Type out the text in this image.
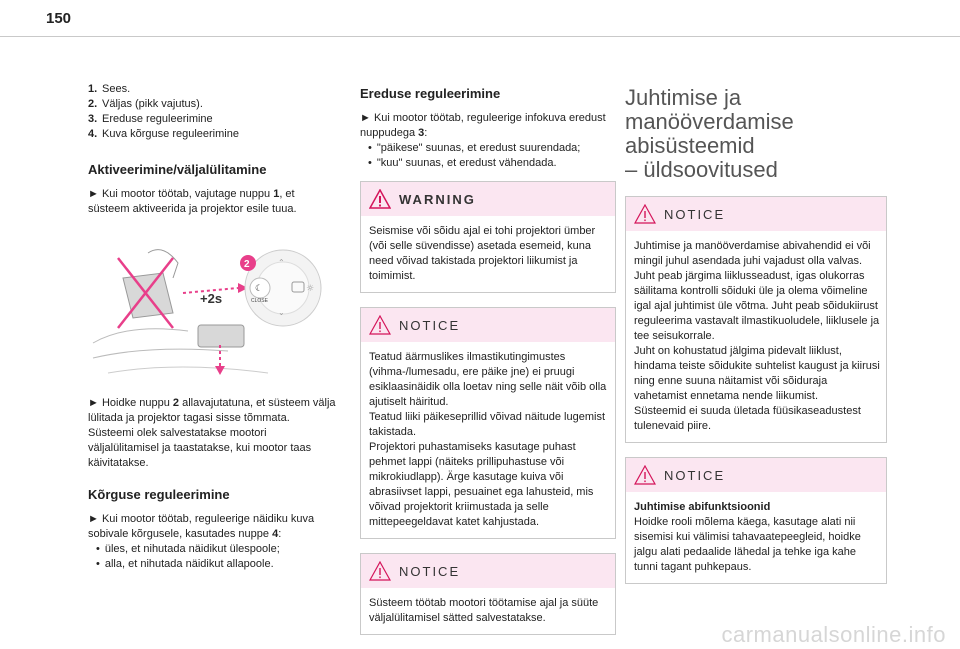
150
1. Sees.
2. Väljas (pikk vajutus).
3. Ereduse reguleerimine
4. Kuva kõrguse reguleerimine
Aktiveerimine/väljalülitamine

► Kui mootor töötab, vajutage nuppu 1, et süsteem aktiveerida ja projektor esile tuua.

+2s
☾
CLOSE
☼
⌃
⌄
2

► Hoidke nuppu 2 allavajutatuna, et süsteem välja lülitada ja projektor tagasi sisse tõmmata. Süsteemi olek salvestatakse mootori väljalülitamisel ja taastatakse, kui mootor taas käivitatakse.

Kõrguse reguleerimine

► Kui mootor töötab, reguleerige näidiku kuva sobivale kõrgusele, kasutades nuppe 4:

• üles, et nihutada näidikut ülespoole;
• alla, et nihutada näidikut allapoole.
Ereduse reguleerimine

► Kui mootor töötab, reguleerige infokuva eredust nuppudega 3:

• "päikese" suunas, et eredust suurendada;
• "kuu" suunas, et eredust vähendada.
WARNING
Seismise või sõidu ajal ei tohi projektori ümber (või selle süvendisse) asetada esemeid, kuna need võivad takistada projektori liikumist ja toimimist.
NOTICE
Teatud äärmuslikes ilmastikutingimustes (vihma-/lumesadu, ere päike jne) ei pruugi esiklaasinäidik olla loetav ning selle näit võib olla ajutiselt häiritud.
Teatud liiki päikeseprillid võivad näitude lugemist takistada.
Projektori puhastamiseks kasutage puhast pehmet lappi (näiteks prillipuhastuse või mikrokiudlapp). Ärge kasutage kuiva või abrasiivset lappi, pesuainet ega lahusteid, mis võivad projektorit kriimustada ja selle mittepeegeldavat katet kahjustada.
NOTICE
Süsteem töötab mootori töötamise ajal ja süüte väljalülitamisel sätted salvestatakse.
Juhtimise ja manööverdamise abisüsteemid
– üldsoovitused
NOTICE
Juhtimise ja manööverdamise abivahendid ei või mingil juhul asendada juhi vajadust olla valvas.
Juht peab järgima liiklusseadust, igas olukorras säilitama kontrolli sõiduki üle ja olema võimeline igal ajal juhtimist üle võtma. Juht peab sõidukiirust reguleerima vastavalt ilmastikuoludele, liiklusele ja tee seisukorrale.
Juht on kohustatud jälgima pidevalt liiklust, hindama teiste sõidukite suhtelist kaugust ja kiirusi ning enne suuna näitamist või sõiduraja vahetamist ennetama nende liikumist.
Süsteemid ei suuda ületada füüsikaseadustest tulenevaid piire.
NOTICE
Juhtimise abifunktsioonid
Hoidke rooli mõlema käega, kasutage alati nii sisemisi kui välimisi tahavaatepeegleid, hoidke jalgu alati pedaalide lähedal ja tehke iga kahe tunni tagant puhkepaus.
carmanualsonline.info
